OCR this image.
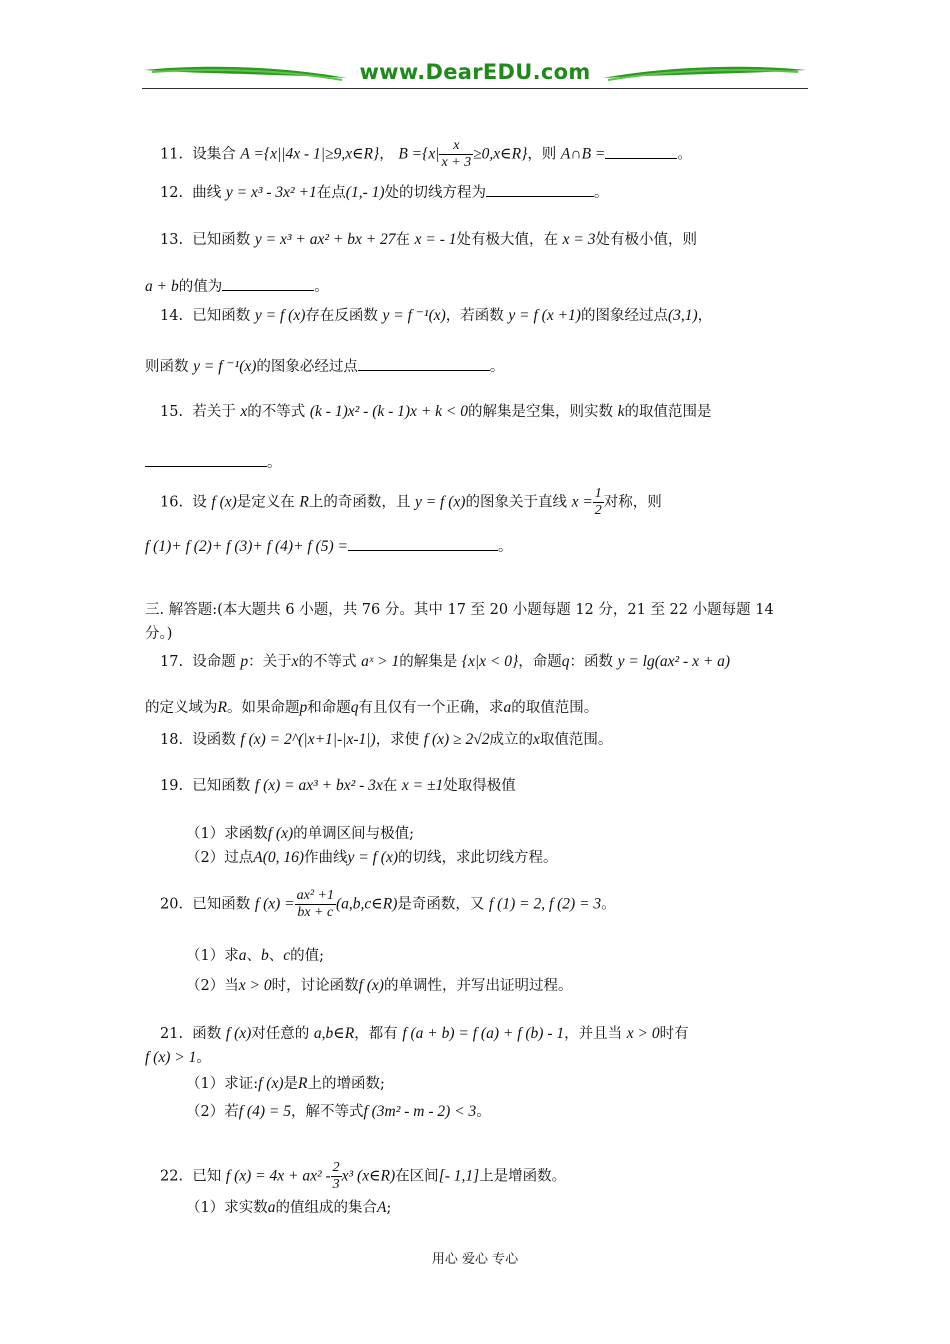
www.DearEDU.com
11. 设集合 A ={x||4x - 1|≥9,x∈R}， $B =\{x| \frac{x}{x + 3}$ ≥0,x∈R}，则 A∩B =	。
12. 曲线 y = x³ - 3x² +1在点(1,- 1)处的切线方程为	。
13. 已知函数 y = x³ + ax² + bx + 27在 x = - 1处有极大值，在 x = 3处有极小值，则
a + b的值为	。
14. 已知函数 y = f (x)存在反函数 y = f ⁻¹(x)，若函数 y = f (x +1)的图象经过点(3,1)，
则函数 y = f ⁻¹(x)的图象必经过点	。
15. 若关于 x的不等式 (k - 1)x² - (k - 1)x + k < 0的解集是空集，则实数 k的取值范围是
。
16. 设 f (x)是定义在 R上的奇函数，且 y = f (x)的图象关于直线 $x = \frac{1}{2}$ 对称，则
f (1)+ f (2)+ f (3)+ f (4)+ f (5) =	。
三. 解答题:(本大题共 6 小题，共 76 分。其中 17 至 20 小题每题 12 分，21 至 22 小题每题 14
分。)
17. 设命题 p：关于x的不等式 aˣ > 1的解集是 {x|x < 0}，命题q：函数 y = lg(ax² - x + a)
的定义域为R。如果命题p和命题q有且仅有一个正确，求a的取值范围。
18. 设函数 f (x) = 2^(|x+1|-|x-1|)，求使 f (x) ≥ 2√2成立的x取值范围。
19. 已知函数 f (x) = ax³ + bx² - 3x在 x = ±1处取得极值
（1）求函数f (x)的单调区间与极值;
（2）过点A(0, 16)作曲线y = f (x)的切线，求此切线方程。
20. 已知函数 f $(x) = \frac{\text{ax² +1}}{bx + c}$ (a,b,c∈R)是奇函数，又 f (1) = 2, f (2) = 3。
（1）求a、b、c的值;
（2）当x > 0时，讨论函数f (x)的单调性，并写出证明过程。
21. 函数 f (x)对任意的 a,b∈R，都有 f (a + b) = f (a) + f (b) - 1，并且当 x > 0时有
f (x) > 1。
（1）求证:f (x)是R上的增函数;
（2）若f (4) = 5，解不等式f (3m² - m - 2) < 3。
22. 已知 f $(x) = 4x + ax^2 - \frac{2}{3} x^3$ (x∈R)在区间[- 1,1]上是增函数。
（1）求实数a的值组成的集合A;
用心 爱心 专心
